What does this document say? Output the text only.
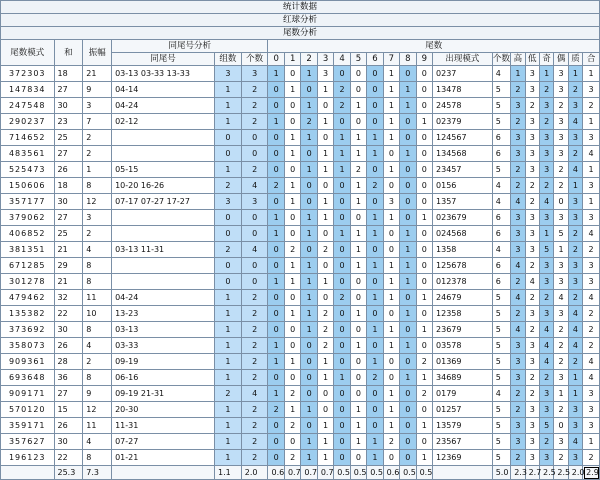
统计数据																							
红球分析																							
尾数分析																							
尾数模式	和	振幅	同尾号分析			尾数																	
			同尾号	组数	个数	0	1	2	3	4	5	6	7	8	9	出现模式	个数	高	低	奇	偶	质	合
372303	18	21	03-13 03-33 13-33	3	3	1	0	1	3	0	0	0	1	0	0	0237	4	1	3	1	3	1	1
147834	27	9	04-14	1	2	0	1	0	1	2	0	0	1	1	0	13478	5	2	3	2	3	2	3
247548	30	3	04-24	1	2	0	0	1	0	2	1	0	1	1	0	24578	5	3	2	3	2	3	2
290237	23	7	02-12	1	2	1	0	2	1	0	0	0	1	0	1	02379	5	2	3	2	3	4	1
714652	25	2		0	0	0	1	1	0	1	1	1	1	0	0	124567	6	3	3	3	3	3	3
483561	27	2		0	0	0	1	0	1	1	1	1	0	1	0	134568	6	3	3	3	3	2	4
525473	26	1	05-15	1	2	0	0	1	1	1	2	0	1	0	0	23457	5	2	3	3	2	4	1
150606	18	8	10-20 16-26	2	4	2	1	0	0	0	1	2	0	0	0	0156	4	2	2	2	2	1	3
357177	30	12	07-17 07-27 17-27	3	3	0	1	0	1	0	1	0	3	0	0	1357	4	4	2	4	0	3	1
379062	27	3		0	0	1	0	1	1	0	0	1	1	0	1	023679	6	3	3	3	3	3	3
406852	25	2		0	0	1	0	1	0	1	1	1	0	1	0	024568	6	3	3	1	5	2	4
381351	21	4	03-13 11-31	2	4	0	2	0	2	0	1	0	0	1	0	1358	4	3	3	5	1	2	2
671285	29	8		0	0	0	1	1	0	0	1	1	1	1	0	125678	6	4	2	3	3	3	3
301278	21	8		0	0	1	1	1	1	0	0	0	1	1	0	012378	6	2	4	3	3	3	3
479462	32	11	04-24	1	2	0	0	1	0	2	0	1	1	0	1	24679	5	4	2	2	4	2	4
135382	22	10	13-23	1	2	0	1	1	2	0	1	0	0	1	0	12358	5	2	3	3	3	4	2
373692	30	8	03-13	1	2	0	0	1	2	0	0	1	1	0	1	23679	5	4	2	4	2	4	2
358073	26	4	03-33	1	2	1	0	0	2	0	1	0	1	1	0	03578	5	3	3	4	2	4	2
909361	28	2	09-19	1	2	1	1	0	1	0	0	1	0	0	2	01369	5	3	3	4	2	2	4
693648	36	8	06-16	1	2	0	0	0	1	1	0	2	0	1	1	34689	5	3	2	2	3	1	4
909171	27	9	09-19 21-31	2	4	1	2	0	0	0	0	0	1	0	2	0179	4	2	2	3	1	1	3
570120	15	12	20-30	1	2	2	1	1	0	0	1	0	1	0	0	01257	5	2	3	3	2	3	3
359171	26	11	11-31	1	2	0	2	0	1	0	1	0	1	0	1	13579	5	3	3	5	0	3	3
357627	30	4	07-27	1	2	0	0	1	1	0	1	1	2	0	0	23567	5	3	3	2	3	4	1
196123	22	8	01-21	1	2	0	2	1	1	0	0	1	0	0	1	12369	5	2	3	3	2	3	2
	25.3	7.3		1.1	2.0	0.6	0.7	0.7	0.7	0.5	0.5	0.5	0.6	0.5	0.5		5.0	2.3	2.7	2.5	2.5	2.0	2.9
